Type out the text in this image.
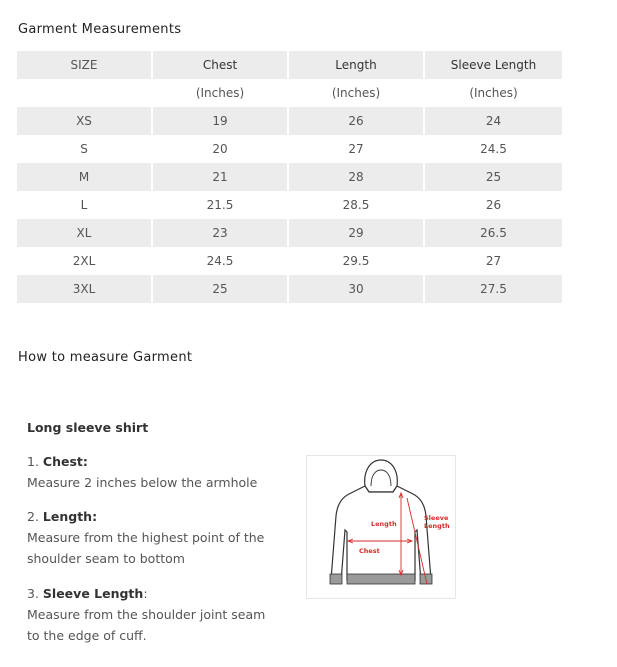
Garment Measurements
SIZE	Chest	Length	Sleeve Length
	(Inches)	(Inches)	(Inches)
XS	19	26	24
S	20	27	24.5
M	21	28	25
L	21.5	28.5	26
XL	23	29	26.5
2XL	24.5	29.5	27
3XL	25	30	27.5
How to measure Garment
Long sleeve shirt
1. Chest:
Measure 2 inches below the armhole
2. Length:
Measure from the highest point of the
shoulder seam to bottom
3. Sleeve Length:
Measure from the shoulder joint seam
to the edge of cuff.
Length
Chest
Sleeve
Length
